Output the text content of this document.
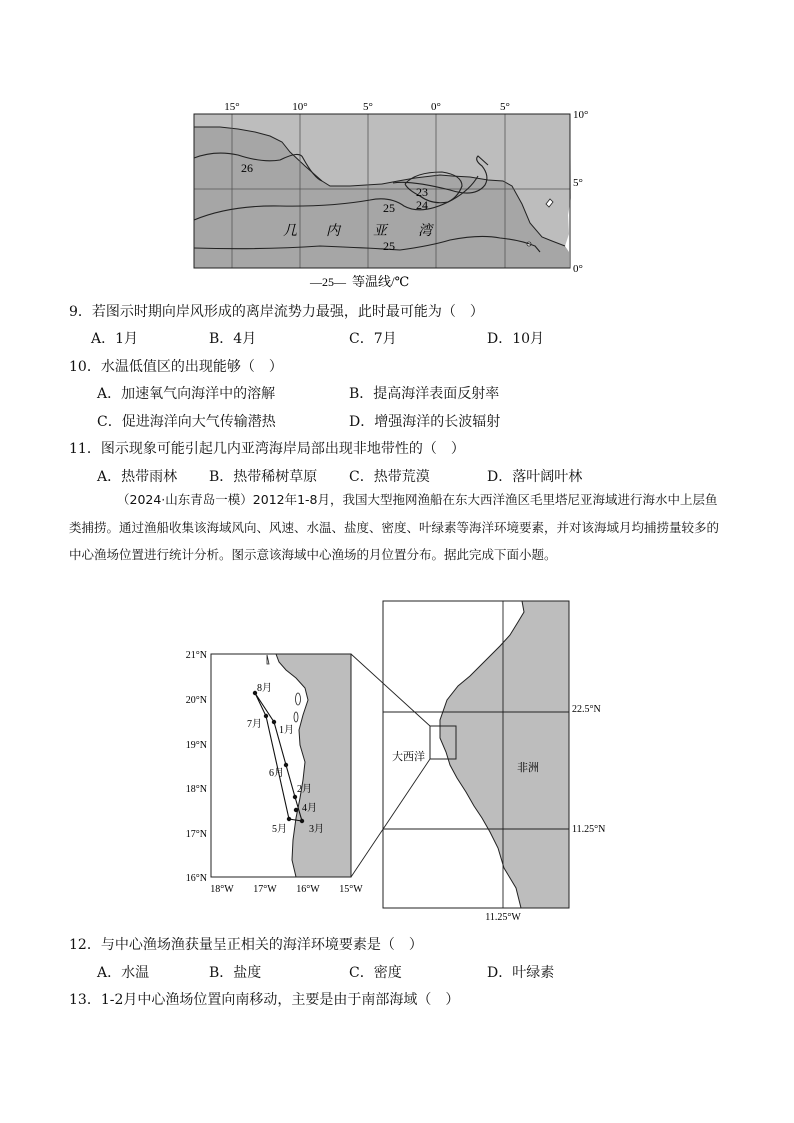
15°	10°	5°	0°	5°
10°
5°
0°
26
23
24
25
25
几 内 亚 湾
—25— 等温线/℃
9．若图示时期向岸风形成的离岸流势力最强，此时最可能为（　）
A．1月	B．4月	C．7月	D．10月
10．水温低值区的出现能够（　）
A．加速氧气向海洋中的溶解	B．提高海洋表面反射率
C．促进海洋向大气传输潜热	D．增强海洋的长波辐射
11．图示现象可能引起几内亚湾海岸局部出现非地带性的（　）
A．热带雨林 B．热带稀树草原 C．热带荒漠	D．落叶阔叶林
（2024·山东青岛一模）2012年1-8月，我国大型拖网渔船在东大西洋渔区毛里塔尼亚海域进行海水中上层鱼类捕捞。通过渔船收集该海域风向、风速、水温、盐度、密度、叶绿素等海洋环境要素，并对该海域月均捕捞量较多的中心渔场位置进行统计分析。图示意该海域中心渔场的月位置分布。据此完成下面小题。
8月
7月
1月
6月
2月
4月
5月 3月
21°N
20°N
19°N
18°N
17°N
16°N
18°W 17°W 16°W 15°W
22.5°N
11.25°N
11.25°W
大西洋
非洲
12．与中心渔场渔获量呈正相关的海洋环境要素是（　）
A．水温	B．盐度	C．密度	D．叶绿素
13．1-2月中心渔场位置向南移动，主要是由于南部海域（　）
